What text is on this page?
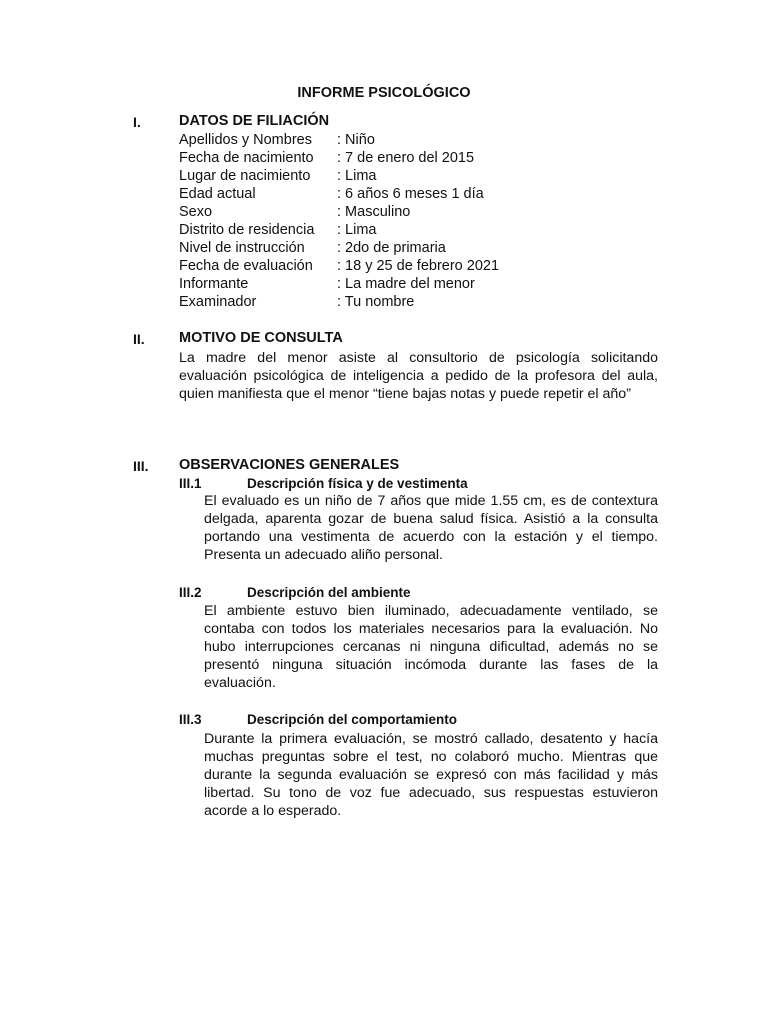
INFORME PSICOLÓGICO
I.	DATOS DE FILIACIÓN
Apellidos y Nombres : Niño
Fecha de nacimiento : 7 de enero del 2015
Lugar de nacimiento : Lima
Edad actual	: 6 años 6 meses 1 día
Sexo	: Masculino
Distrito de residencia : Lima
Nivel de instrucción : 2do de primaria
Fecha de evaluación : 18 y 25 de febrero 2021
Informante	: La madre del menor
Examinador	: Tu nombre
II. MOTIVO DE CONSULTA
La madre del menor asiste al consultorio de psicología solicitando evaluación psicológica de inteligencia a pedido de la profesora del aula, quien manifiesta que el menor “tiene bajas notas y puede repetir el año”
III. OBSERVACIONES GENERALES
III.1	Descripción física y de vestimenta
El evaluado es un niño de 7 años que mide 1.55 cm, es de contextura delgada, aparenta gozar de buena salud física. Asistió a la consulta portando una vestimenta de acuerdo con la estación y el tiempo. Presenta un adecuado aliño personal.
III.2	Descripción del ambiente
El ambiente estuvo bien iluminado, adecuadamente ventilado, se contaba con todos los materiales necesarios para la evaluación. No hubo interrupciones cercanas ni ninguna dificultad, además no se presentó ninguna situación incómoda durante las fases de la evaluación.
III.3	Descripción del comportamiento
Durante la primera evaluación, se mostró callado, desatento y hacía muchas preguntas sobre el test, no colaboró mucho. Mientras que durante la segunda evaluación se expresó con más facilidad y más libertad. Su tono de voz fue adecuado, sus respuestas estuvieron acorde a lo esperado.
